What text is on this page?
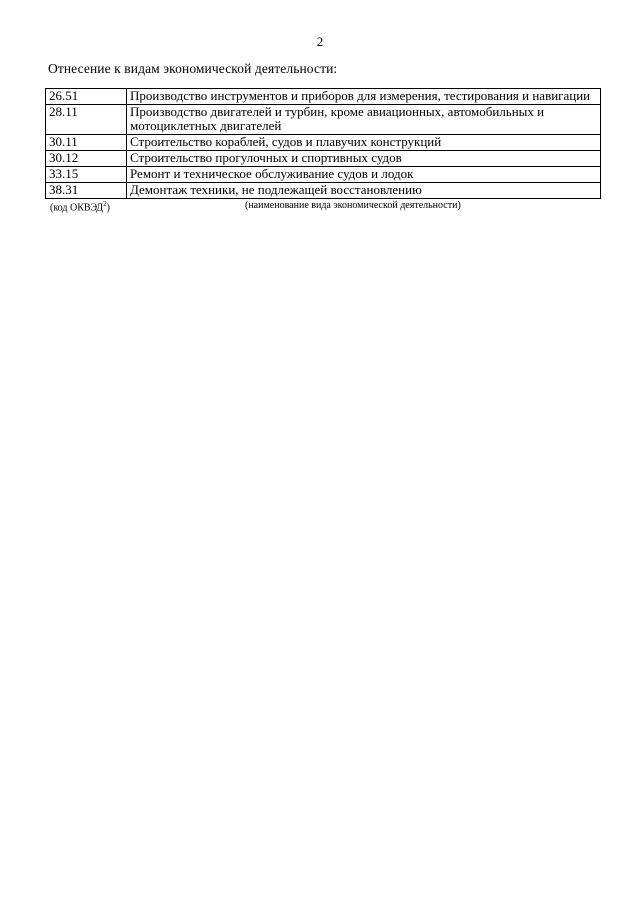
2
Отнесение к видам экономической деятельности:
26.51	Производство инструментов и приборов для измерения, тестирования и навигации
28.11	Производство двигателей и турбин, кроме авиационных, автомобильных и мотоциклетных двигателей
30.11	Строительство кораблей, судов и плавучих конструкций
30.12	Строительство прогулочных и спортивных судов
33.15	Ремонт и техническое обслуживание судов и лодок
38.31	Демонтаж техники, не подлежащей восстановлению
(код ОКВЭД$^2$)	(наименование вида экономической деятельности)
